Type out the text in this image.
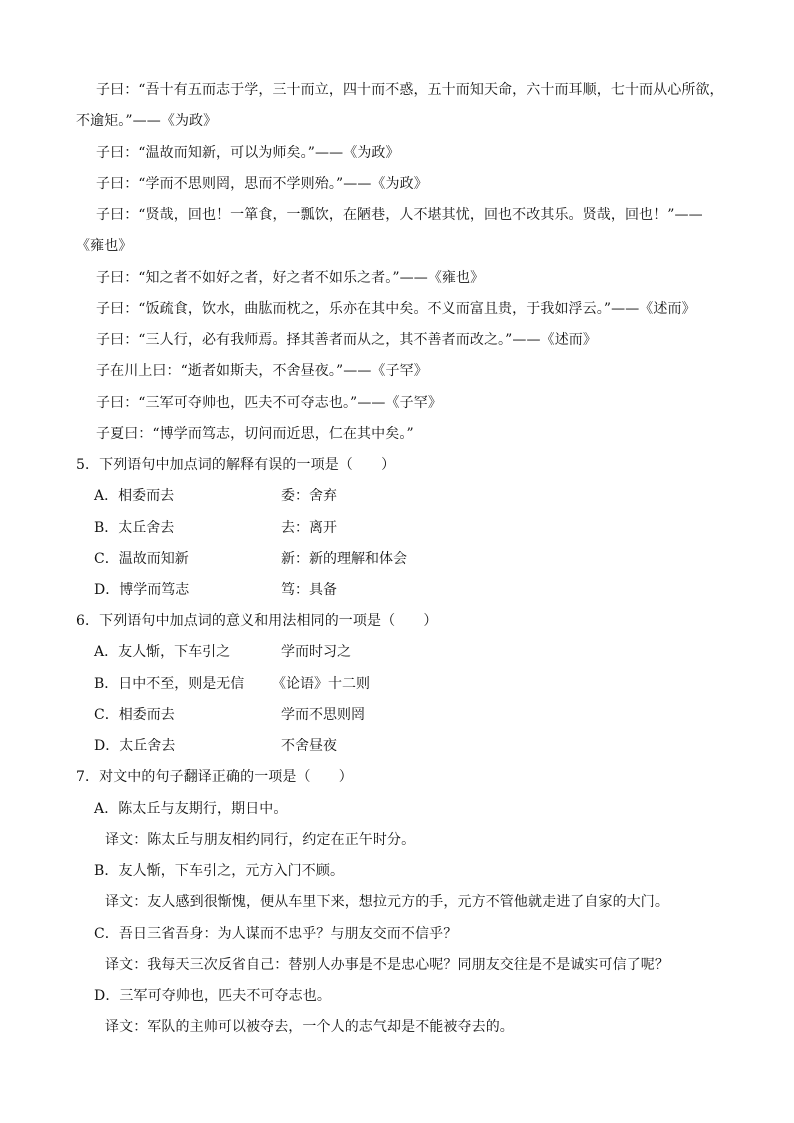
子曰：“吾十有五而志于学，三十而立，四十而不惑，五十而知天命，六十而耳顺，七十而从心所欲，
不逾矩。”——《为政》
子曰：“温故而知新，可以为师矣。”——《为政》
子曰：“学而不思则罔，思而不学则殆。”——《为政》
子曰：“贤哉，回也！一箪食，一瓢饮，在陋巷，人不堪其忧，回也不改其乐。贤哉，回也！”——
《雍也》
子曰：“知之者不如好之者，好之者不如乐之者。”——《雍也》
子曰：“饭疏食，饮水，曲肱而枕之，乐亦在其中矣。不义而富且贵，于我如浮云。”——《述而》
子曰：“三人行，必有我师焉。择其善者而从之，其不善者而改之。”——《述而》
子在川上曰：“逝者如斯夫，不舍昼夜。”——《子罕》
子曰：“三军可夺帅也，匹夫不可夺志也。”——《子罕》
子夏曰：“博学而笃志，切问而近思，仁在其中矣。”
5．下列语句中加点词的解释有误的一项是（　　）
A．相委而去	委：舍弃
B．太丘舍去	去：离开
C．温故而知新	新：新的理解和体会
D．博学而笃志	笃：具备
6．下列语句中加点词的意义和用法相同的一项是（　　）
A．友人惭，下车引之	学而时习之
B．日中不至，则是无信 《论语》十二则
C．相委而去	学而不思则罔
D．太丘舍去	不舍昼夜
7．对文中的句子翻译正确的一项是（　　）
A．陈太丘与友期行，期日中。
译文：陈太丘与朋友相约同行，约定在正午时分。
B．友人惭，下车引之，元方入门不顾。
译文：友人感到很惭愧，便从车里下来，想拉元方的手，元方不管他就走进了自家的大门。
C．吾日三省吾身：为人谋而不忠乎？与朋友交而不信乎？
译文：我每天三次反省自己：替别人办事是不是忠心呢？同朋友交往是不是诚实可信了呢？
D．三军可夺帅也，匹夫不可夺志也。
译文：军队的主帅可以被夺去，一个人的志气却是不能被夺去的。
